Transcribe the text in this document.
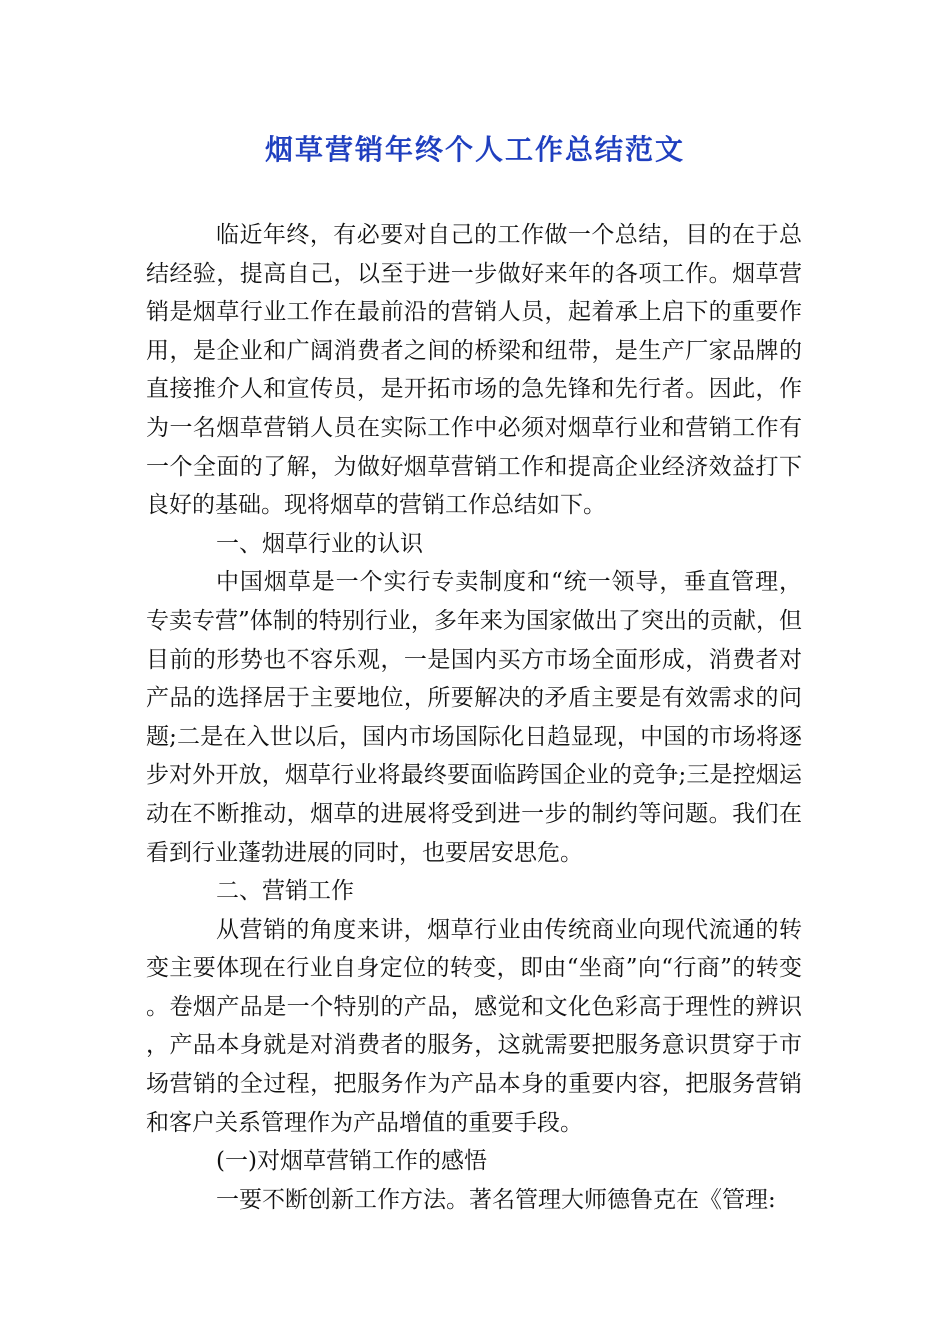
烟草营销年终个人工作总结范文

临近年终，有必要对自己的工作做一个总结，目的在于总结经验，提高自己，以至于进一步做好来年的各项工作。烟草营销是烟草行业工作在最前沿的营销人员，起着承上启下的重要作用，是企业和广阔消费者之间的桥梁和纽带，是生产厂家品牌的直接推介人和宣传员，是开拓市场的急先锋和先行者。因此，作为一名烟草营销人员在实际工作中必须对烟草行业和营销工作有一个全面的了解，为做好烟草营销工作和提高企业经济效益打下良好的基础。现将烟草的营销工作总结如下。

一、烟草行业的认识

中国烟草是一个实行专卖制度和“统一领导，垂直管理，专卖专营”体制的特别行业，多年来为国家做出了突出的贡献，但目前的形势也不容乐观，一是国内买方市场全面形成，消费者对产品的选择居于主要地位，所要解决的矛盾主要是有效需求的问题;二是在入世以后，国内市场国际化日趋显现，中国的市场将逐步对外开放，烟草行业将最终要面临跨国企业的竞争;三是控烟运动在不断推动，烟草的进展将受到进一步的制约等问题。我们在看到行业蓬勃进展的同时，也要居安思危。

二、营销工作

从营销的角度来讲，烟草行业由传统商业向现代流通的转变主要体现在行业自身定位的转变，即由“坐商”向“行商”的转变。卷烟产品是一个特别的产品，感觉和文化色彩高于理性的辨识，产品本身就是对消费者的服务，这就需要把服务意识贯穿于市场营销的全过程，把服务作为产品本身的重要内容，把服务营销和客户关系管理作为产品增值的重要手段。

(一)对烟草营销工作的感悟

一要不断创新工作方法。著名管理大师德鲁克在《管理:
